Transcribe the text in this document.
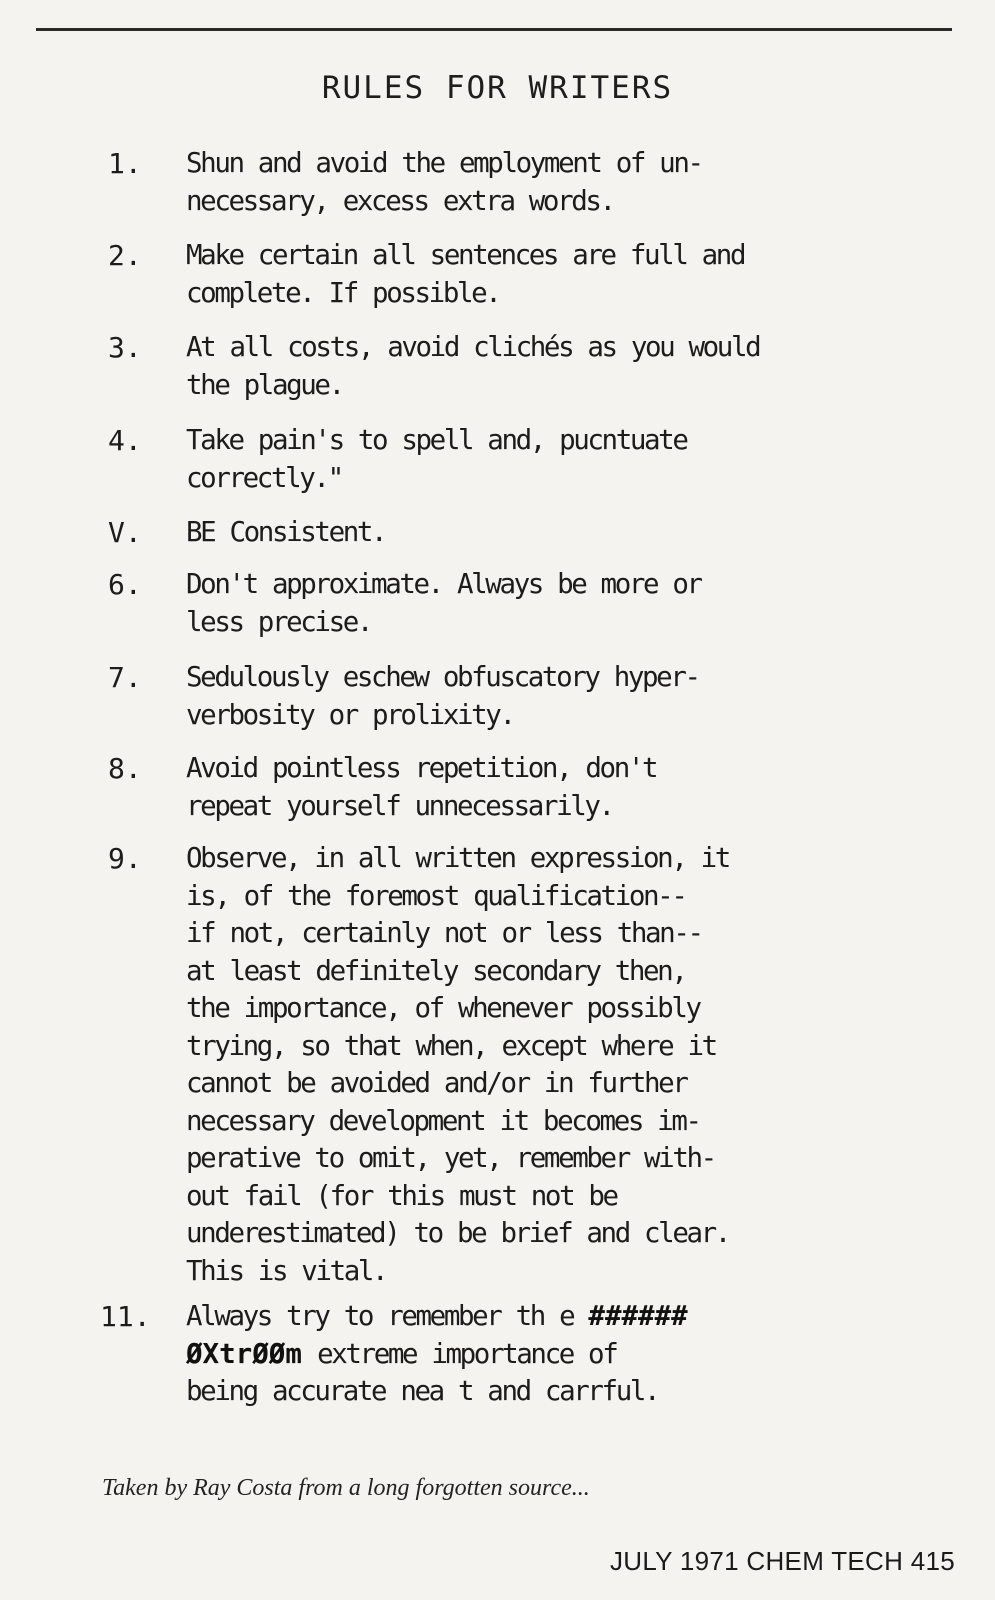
RULES FOR WRITERS
1.	Shun and avoid the employment of un-
necessary, excess extra words.
2.	Make certain all sentences are full and
complete. If possible.
3.	At all costs, avoid clichés as you would
the plague.
4.	Take pain's to spell and, pucntuate
correctly."
V.	BE Consistent.
6.	Don't approximate. Always be more or
less precise.
7.	Sedulously eschew obfuscatory hyper-
verbosity or prolixity.
8.	Avoid pointless repetition, don't
repeat yourself unnecessarily.
9.	Observe, in all written expression, it
is, of the foremost qualification--
if not, certainly not or less than--
at least definitely secondary then,
the importance, of whenever possibly
trying, so that when, except where it
cannot be avoided and/or in further
necessary development it becomes im-
perative to omit, yet, remember with-
out fail (for this must not be
underestimated) to be brief and clear.
This is vital.
11.	Always try to remember th e ######
ØXtrØØm extreme importance of
being accurate nea t and carrful.
Taken by Ray Costa from a long forgotten source...
JULY 1971 CHEM TECH 415
